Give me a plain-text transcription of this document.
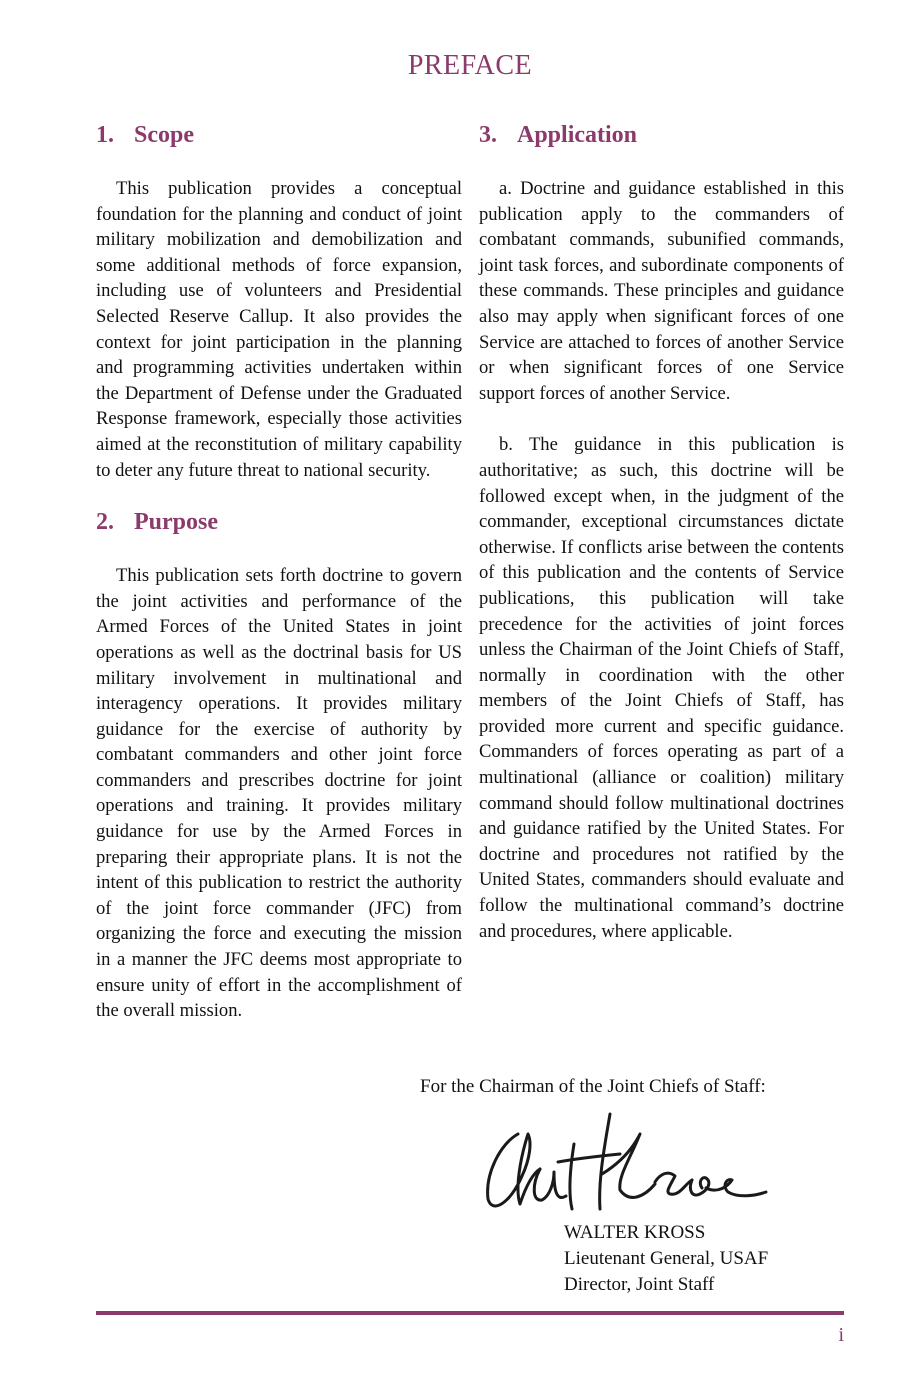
PREFACE
1. Scope

This publication provides a conceptual foundation for the planning and conduct of joint military mobilization and demobilization and some additional methods of force expansion, including use of volunteers and Presidential Selected Reserve Callup. It also provides the context for joint participation in the planning and programming activities undertaken within the Department of Defense under the Graduated Response framework, especially those activities aimed at the reconstitution of military capability to deter any future threat to national security.

2. Purpose

This publication sets forth doctrine to govern the joint activities and performance of the Armed Forces of the United States in joint operations as well as the doctrinal basis for US military involvement in multinational and interagency operations. It provides military guidance for the exercise of authority by combatant commanders and other joint force commanders and prescribes doctrine for joint operations and training. It provides military guidance for use by the Armed Forces in preparing their appropriate plans. It is not the intent of this publication to restrict the authority of the joint force commander (JFC) from organizing the force and executing the mission in a manner the JFC deems most appropriate to ensure unity of effort in the accomplishment of the overall mission.

3. Application

a. Doctrine and guidance established in this publication apply to the commanders of combatant commands, subunified commands, joint task forces, and subordinate components of these commands. These principles and guidance also may apply when significant forces of one Service are attached to forces of another Service or when significant forces of one Service support forces of another Service.

b. The guidance in this publication is authoritative; as such, this doctrine will be followed except when, in the judgment of the commander, exceptional circumstances dictate otherwise. If conflicts arise between the contents of this publication and the contents of Service publications, this publication will take precedence for the activities of joint forces unless the Chairman of the Joint Chiefs of Staff, normally in coordination with the other members of the Joint Chiefs of Staff, has provided more current and specific guidance. Commanders of forces operating as part of a multinational (alliance or coalition) military command should follow multinational doctrines and guidance ratified by the United States. For doctrine and procedures not ratified by the United States, commanders should evaluate and follow the multinational command’s doctrine and procedures, where applicable.

For the Chairman of the Joint Chiefs of Staff:
WALTER KROSS
Lieutenant General, USAF
Director, Joint Staff
i
